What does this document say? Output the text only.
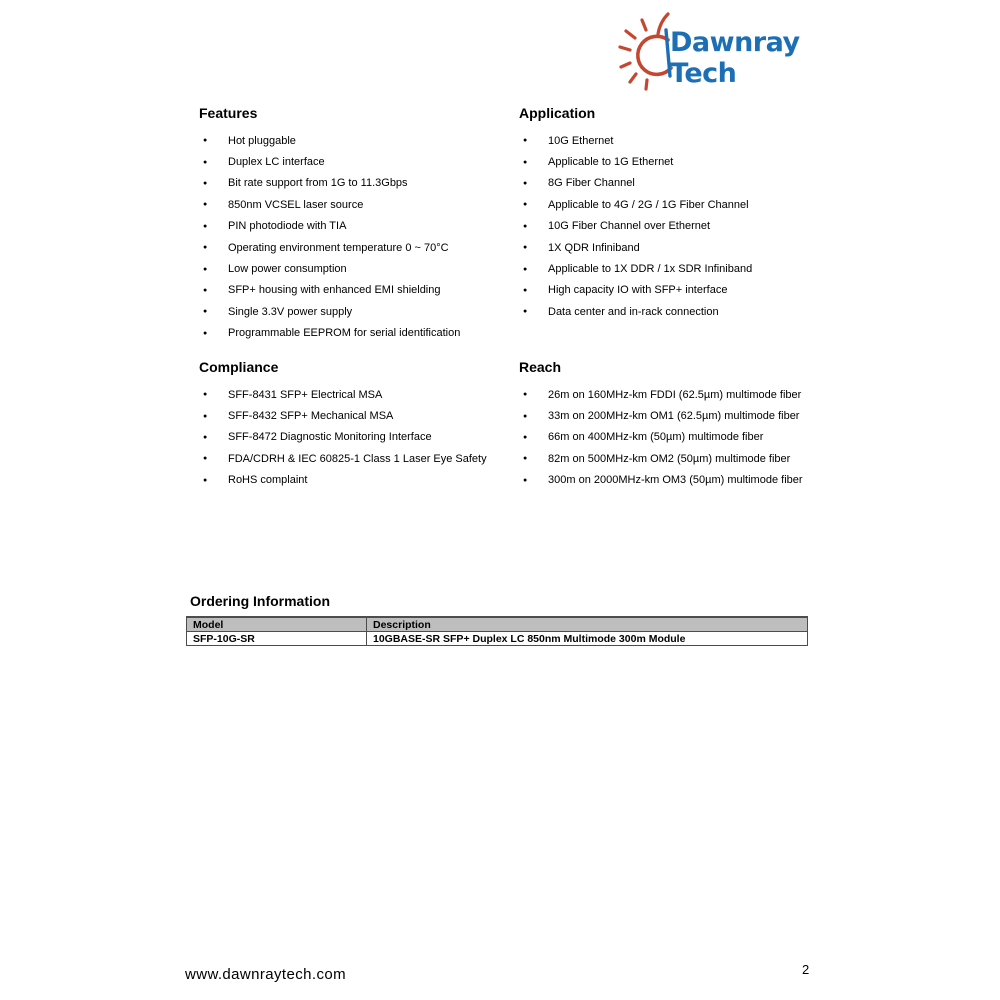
Dawnray Tech
Features
● Hot pluggable
● Duplex LC interface
● Bit rate support from 1G to 11.3Gbps
● 850nm VCSEL laser source
● PIN photodiode with TIA
● Operating environment temperature 0 ~ 70°C
● Low power consumption
● SFP+ housing with enhanced EMI shielding
● Single 3.3V power supply
● Programmable EEPROM for serial identification
Application
● 10G Ethernet
● Applicable to 1G Ethernet
● 8G Fiber Channel
● Applicable to 4G / 2G / 1G Fiber Channel
● 10G Fiber Channel over Ethernet
● 1X QDR Infiniband
● Applicable to 1X DDR / 1x SDR Infiniband
● High capacity IO with SFP+ interface
● Data center and in-rack connection
Compliance
● SFF-8431 SFP+ Electrical MSA
● SFF-8432 SFP+ Mechanical MSA
● SFF-8472 Diagnostic Monitoring Interface
● FDA/CDRH & IEC 60825-1 Class 1 Laser Eye Safety
● RoHS complaint
Reach
● 26m on 160MHz-km FDDI (62.5µm) multimode fiber
● 33m on 200MHz-km OM1 (62.5µm) multimode fiber
● 66m on 400MHz-km (50µm) multimode fiber
● 82m on 500MHz-km OM2 (50µm) multimode fiber
● 300m on 2000MHz-km OM3 (50µm) multimode fiber
Ordering Information
Model	Description
SFP-10G-SR	10GBASE-SR SFP+ Duplex LC 850nm Multimode 300m Module
www.dawnraytech.com	2
